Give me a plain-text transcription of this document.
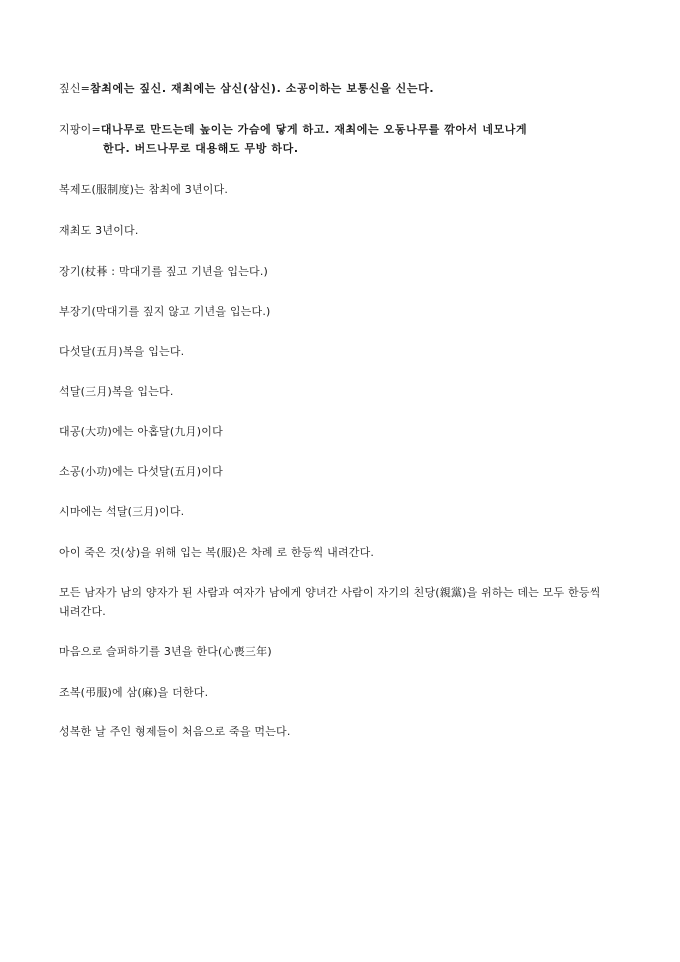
짚신=참최에는 짚신. 재최에는 삼신(삼신). 소공이하는 보통신을 신는다.
지팡이=대나무로 만드는데 높이는 가슴에 닿게 하고. 재최에는 오동나무를 깎아서 네모나게
한다. 버드나무로 대용해도 무방 하다.
복제도(服制度)는 참최에 3년이다.
재최도 3년이다.
장기(杖朞 : 막대기를 짚고 기년을 입는다.)
부장기(막대기를 짚지 않고 기년을 입는다.)
다섯달(五月)복을 입는다.
석달(三月)복을 입는다.
대공(大功)에는 아홉달(九月)이다
소공(小功)에는 다섯달(五月)이다
시마에는 석달(三月)이다.
아이 죽은 것(상)을 위해 입는 복(服)은 차례 로 한등씩 내려간다.
모든 남자가 남의 양자가 된 사람과 여자가 남에게 양녀간 사람이 자기의 친당(親黨)을 위하는 데는 모두 한등씩 내려간다.
마음으로 슬퍼하기를 3년을 한다(心喪三年)
조복(弔服)에 삼(麻)을 더한다.
성복한 날 주인 형제들이 처음으로 죽을 먹는다.
